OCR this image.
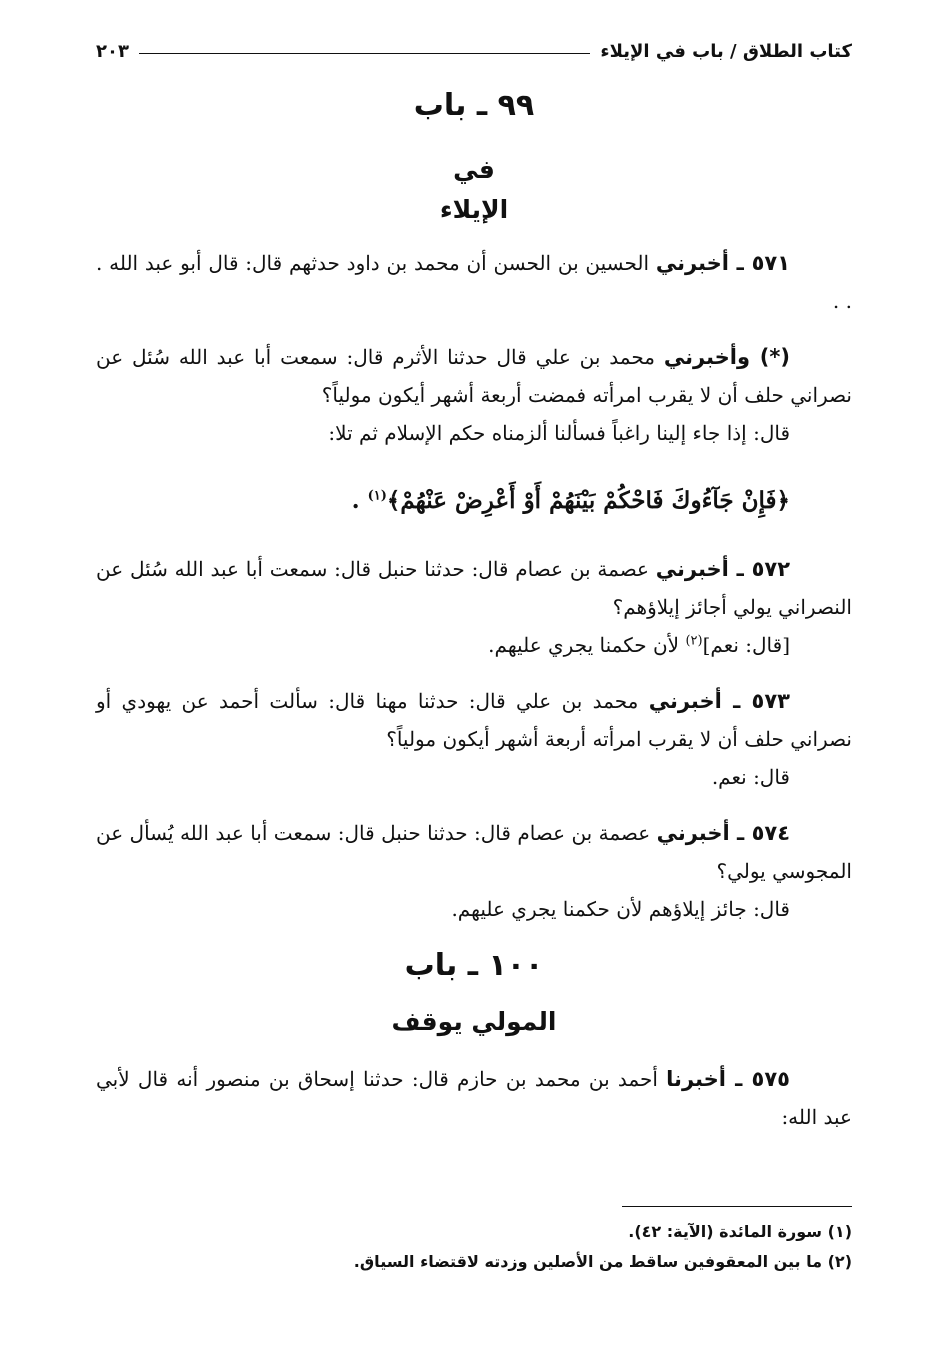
كتاب الطلاق / باب في الإيلاء
٢٠٣
٩٩ ـ باب

في

الإيلاء

٥٧١ ـ أخبرني الحسين بن الحسن أن محمد بن داود حدثهم قال: قال أبو عبد الله . . .

(*) وأخبرني محمد بن علي قال حدثنا الأثرم قال: سمعت أبا عبد الله سُئل عن نصراني حلف أن لا يقرب امرأته فمضت أربعة أشهر أيكون مولياً؟

قال: إذا جاء إلينا راغباً فسألنا ألزمناه حكم الإسلام ثم تلا:

﴿فَإِنْ جَآءُوكَ فَاحْكُمْ بَيْنَهُمْ أَوْ أَعْرِضْ عَنْهُمْ﴾$^{(١)}$ .

٥٧٢ ـ أخبرني عصمة بن عصام قال: حدثنا حنبل قال: سمعت أبا عبد الله سُئل عن النصراني يولي أجائز إيلاؤهم؟

[قال: نعم]$^{(٢)}$ لأن حكمنا يجري عليهم.

٥٧٣ ـ أخبرني محمد بن علي قال: حدثنا مهنا قال: سألت أحمد عن يهودي أو نصراني حلف أن لا يقرب امرأته أربعة أشهر أيكون مولياً؟

قال: نعم.

٥٧٤ ـ أخبرني عصمة بن عصام قال: حدثنا حنبل قال: سمعت أبا عبد الله يُسأل عن المجوسي يولي؟

قال: جائز إيلاؤهم لأن حكمنا يجري عليهم.

١٠٠ ـ باب

المولي يوقف

٥٧٥ ـ أخبرنا أحمد بن محمد بن حازم قال: حدثنا إسحاق بن منصور أنه قال لأبي عبد الله:

(١) سورة المائدة (الآية: ٤٢).

(٢) ما بين المعقوفين ساقط من الأصلين وزدته لاقتضاء السياق.
